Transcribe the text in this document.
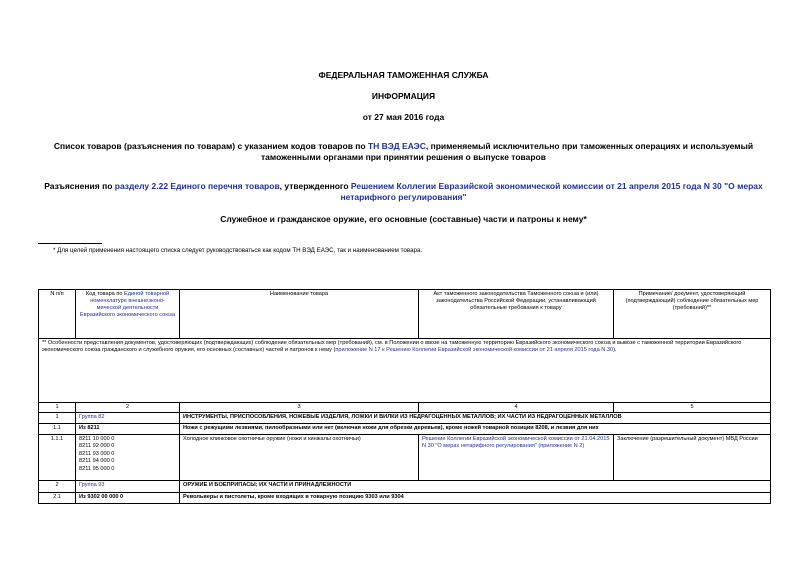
ФЕДЕРАЛЬНАЯ ТАМОЖЕННАЯ СЛУЖБА
ИНФОРМАЦИЯ
от 27 мая 2016 года
Список товаров (разъяснения по товарам) с указанием кодов товаров по ТН ВЭД ЕАЭС, применяемый исключительно при таможенных операциях и используемый таможенными органами при принятии решения о выпуске товаров
Разъяснения по разделу 2.22 Единого перечня товаров, утвержденного Решением Коллегии Евразийской экономической комиссии от 21 апреля 2015 года N 30 "О мерах нетарифного регулирования"
Служебное и гражданское оружие, его основные (составные) части и патроны к нему*
* Для целей применения настоящего списка следует руководствоваться как кодом ТН ВЭД ЕАЭС, так и наименованием товара.
N п/п	Код товара по Единой товарной номенклатуре внешнеэконо-мической деятельности Евразийского экономического союза	Наименование товара	Акт таможенного законодательства Таможенного союза и (или) законодательства Российской Федерации, устанавливающий обязательные требования к товару	Примечание/ документ, удостоверяющий (подтверждающий) соблюдение обязательных мер (требований)**
** Особенности представления документов, удостоверяющих (подтверждающих) соблюдение обязательных мер (требований), см. в Положении о ввозе на таможенную территорию Евразийского экономического союза и вывозе с таможенной территории Евразийского экономического союза гражданского и служебного оружия, его основных (составных) частей и патронов к нему (приложение N 17 к Решению Коллегии Евразийской экономической комиссии от 21 апреля 2015 года N 30).				
1	2	3	4	5
1	Группа 82	ИНСТРУМЕНТЫ, ПРИСПОСОБЛЕНИЯ, НОЖЕВЫЕ ИЗДЕЛИЯ, ЛОЖКИ И ВИЛКИ ИЗ НЕДРАГОЦЕННЫХ МЕТАЛЛОВ; ИХ ЧАСТИ ИЗ НЕДРАГОЦЕННЫХ МЕТАЛЛОВ		
1.1	Из 8211	Ножи с режущими лезвиями, пилообразными или нет (включая ножи для обрезки деревьев), кроме ножей товарной позиции 8208, и лезвия для них		
1.1.1	8211 10 000 0
8211 92 000 0
8211 93 000 0
8211 94 000 0
8211 95 000 0	Холодное клинковое охотничье оружие (ножи и кинжалы охотничьи)	Решение Коллегии Евразийской экономической комиссии от 21.04.2015 N 30 "О мерах нетарифного регулирования" (приложение N 2)	Заключение (разрешительный документ) МВД России
2	Группа 93	ОРУЖИЕ И БОЕПРИПАСЫ; ИХ ЧАСТИ И ПРИНАДЛЕЖНОСТИ		
2.1	Из 9302 00 000 0	Револьверы и пистолеты, кроме входящих в товарную позицию 9303 или 9304		
